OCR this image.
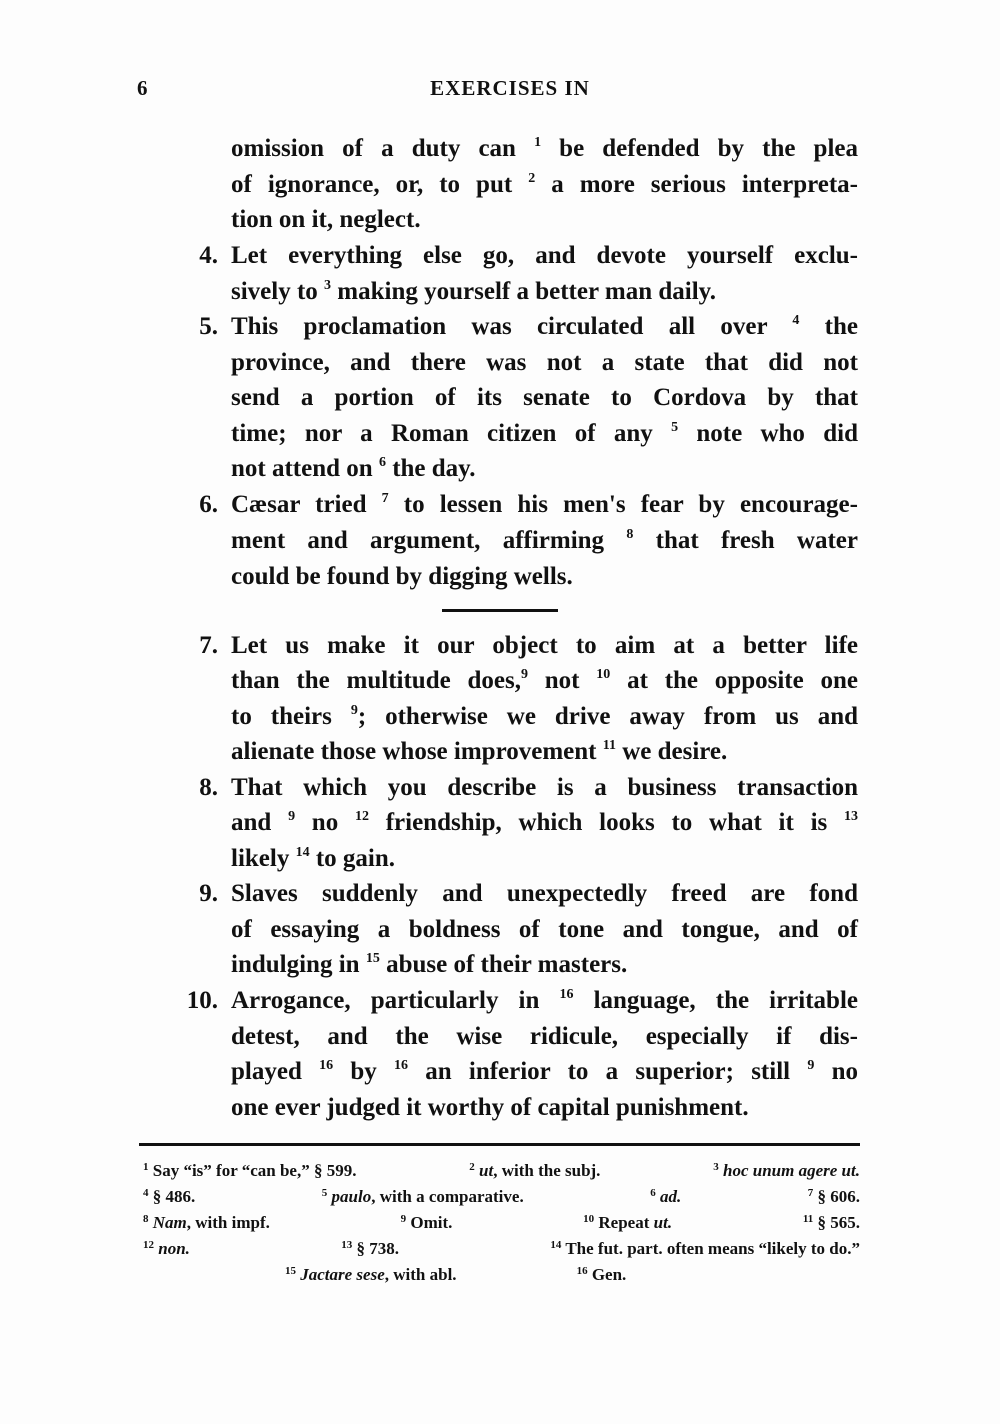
6	EXERCISES IN
omission of a duty can $^1$ be defended by the plea
of ignorance, or, to put $^2$ a more serious interpreta-
tion on it, neglect.
4. Let everything else go, and devote yourself exclu-
sively to $^3$ making yourself a better man daily.
5. This proclamation was circulated all over $^4$ the
province, and there was not a state that did not
send a portion of its senate to Cordova by that
time; nor a Roman citizen of any $^5$ note who did
not attend on $^6$ the day.
6. Cæsar tried $^7$ to lessen his men's fear by encourage-
ment and argument, affirming $^8$ that fresh water
could be found by digging wells.
7. Let us make it our object to aim at a better life
than the multitude does,$^9$ not $^{10}$ at the opposite one
to theirs $^9$; otherwise we drive away from us and
alienate those whose improvement $^{11}$ we desire.
8. That which you describe is a business transaction
and $^9$ no $^{12}$ friendship, which looks to what it is $^{13}$
likely $^{14}$ to gain.
9. Slaves suddenly and unexpectedly freed are fond
of essaying a boldness of tone and tongue, and of
indulging in $^{15}$ abuse of their masters.
10. Arrogance, particularly in $^{16}$ language, the irritable
detest, and the wise ridicule, especially if dis-
played $^{16}$ by $^{16}$ an inferior to a superior; still $^9$ no
one ever judged it worthy of capital punishment.
$^1$ Say “is” for “can be,” § 599.	$^2$ ut, with the subj.	$^3$ hoc unum agere ut.
$^4$ § 486.	$^5$ paulo, with a comparative.	$^6$ ad.	$^7$ § 606.
$^8$ Nam, with impf.	$^9$ Omit.	$^{10}$ Repeat ut.	$^{11}$ § 565.
$^{12}$ non.	$^{13}$ § 738.	$^{14}$ The fut. part. often means “likely to do.”
$^{15}$ Jactare sese, with abl.	$^{16}$ Gen.
